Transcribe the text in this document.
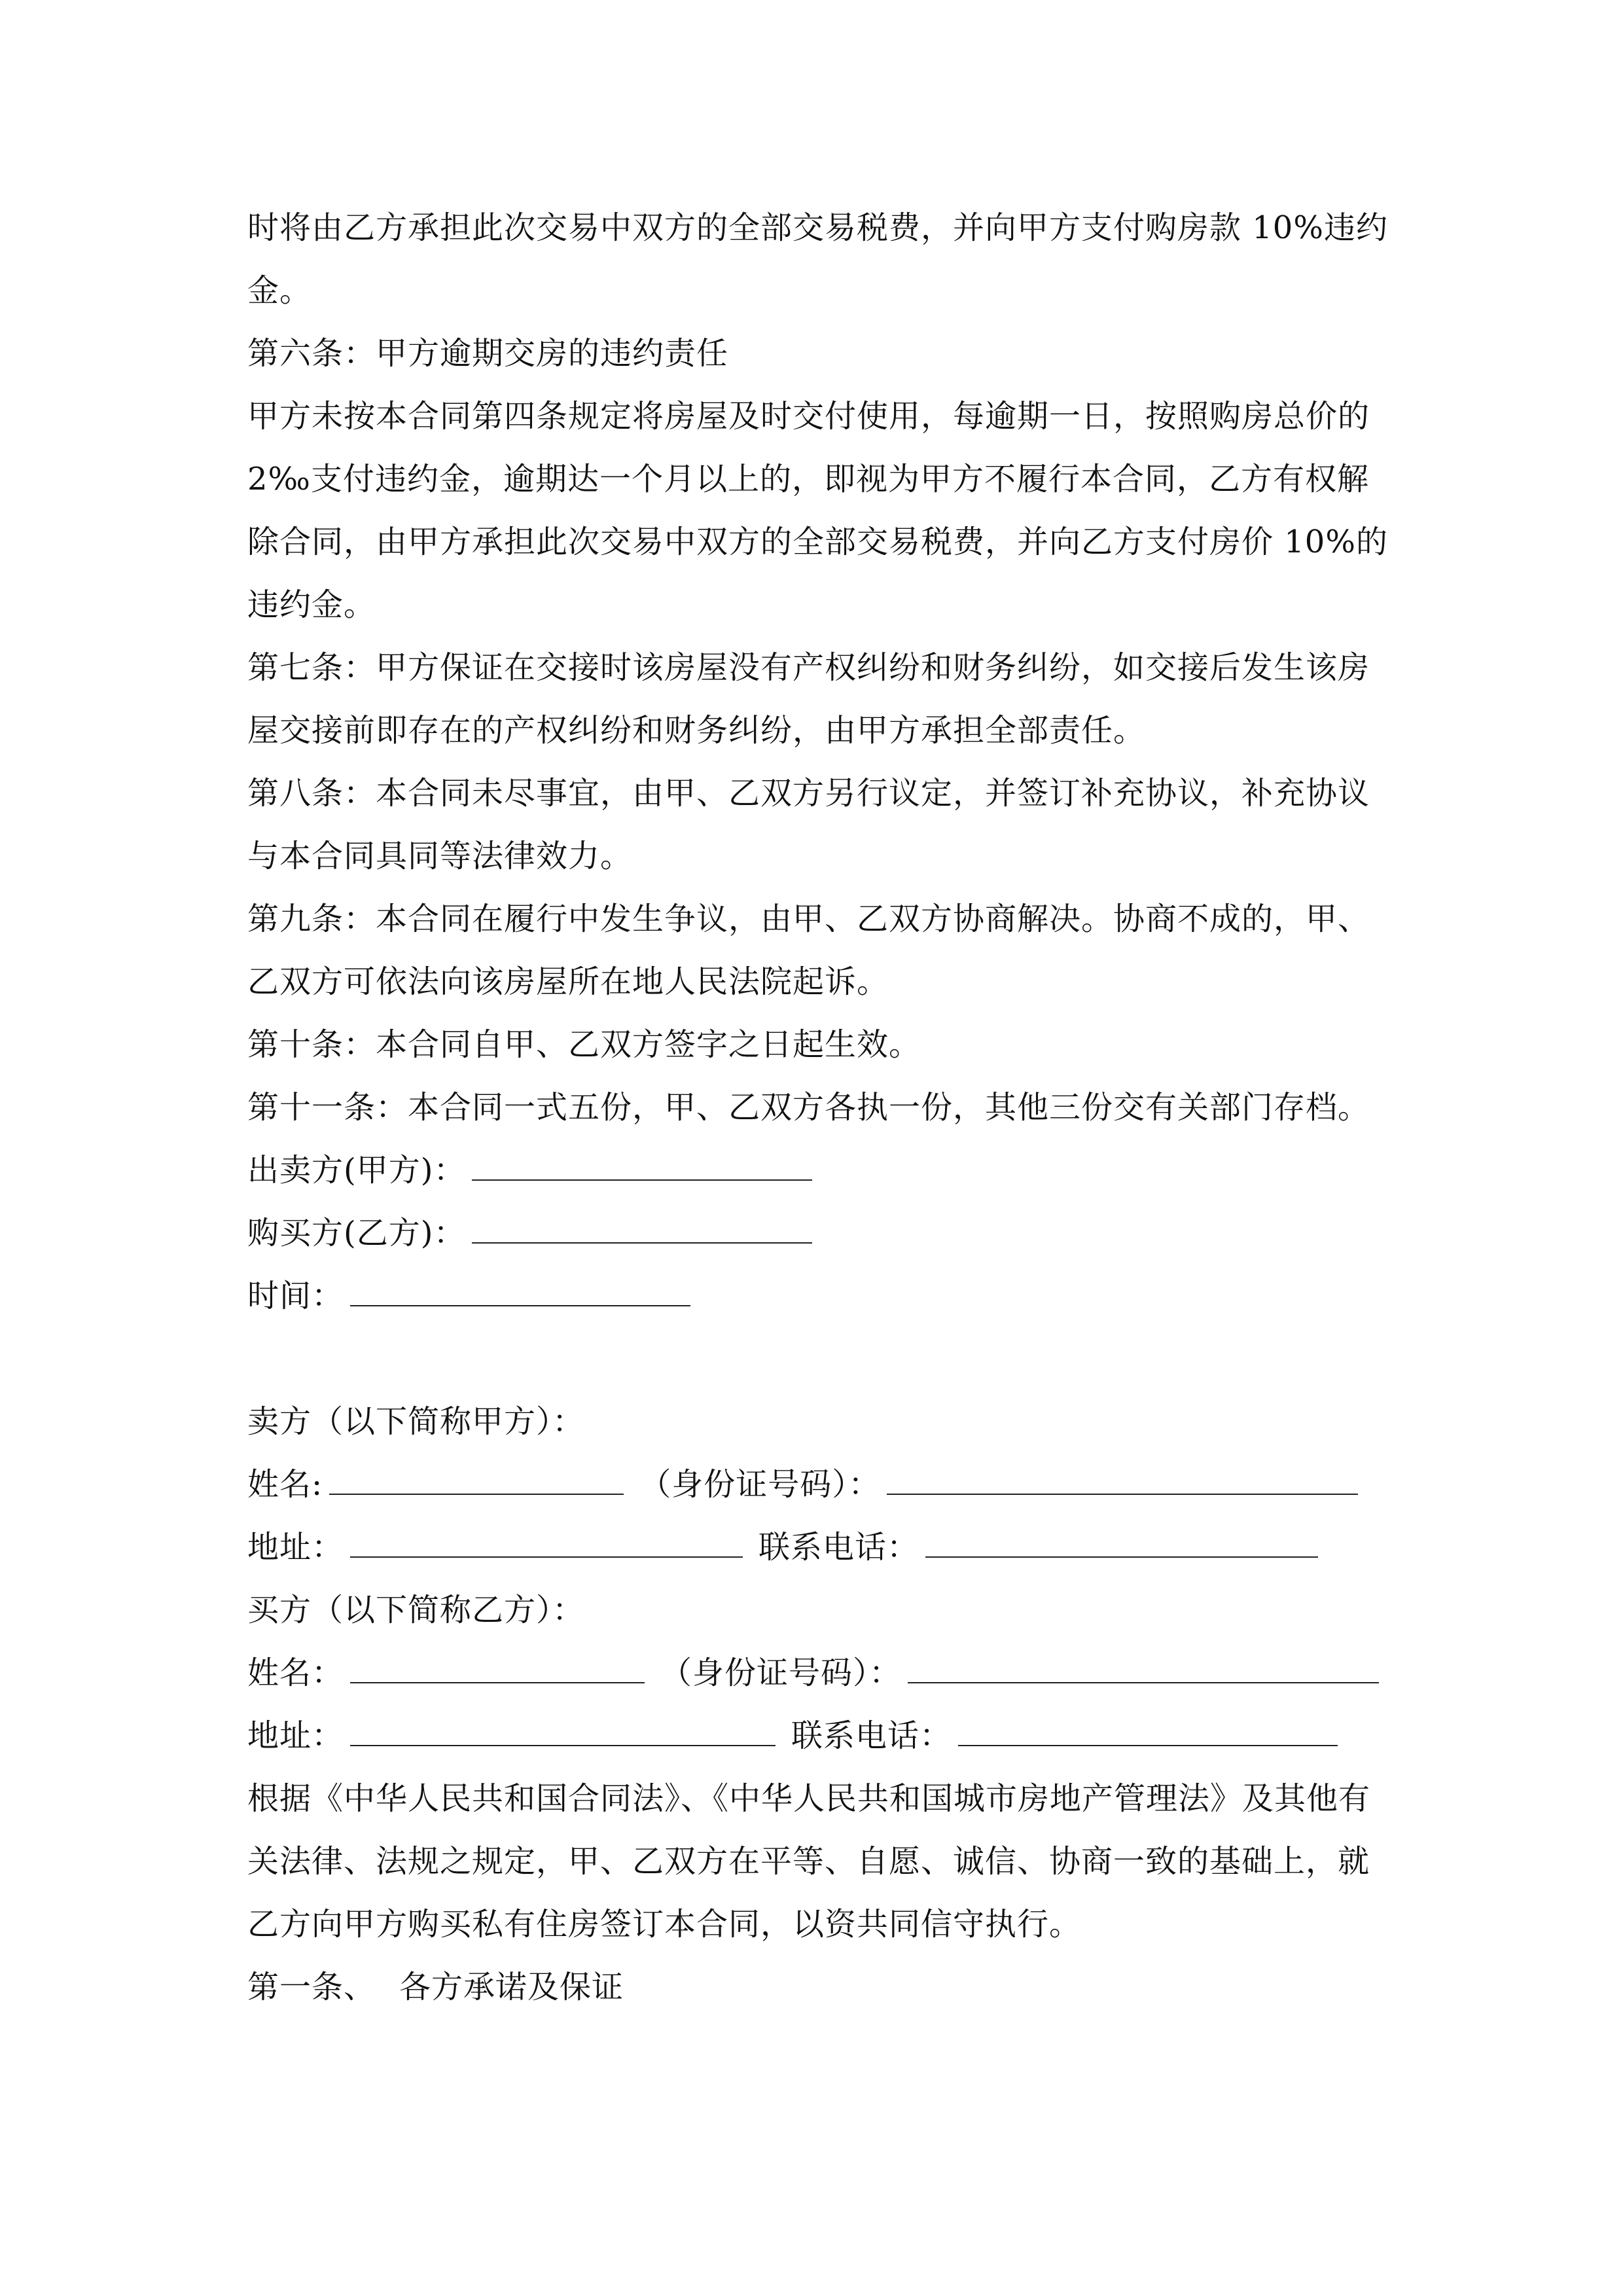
时将由乙方承担此次交易中双方的全部交易税费，并向甲方支付购房款 10%违约
金。
第六条：甲方逾期交房的违约责任
甲方未按本合同第四条规定将房屋及时交付使用，每逾期一日，按照购房总价的
2‰支付违约金，逾期达一个月以上的，即视为甲方不履行本合同，乙方有权解
除合同，由甲方承担此次交易中双方的全部交易税费，并向乙方支付房价 10%的
违约金。
第七条：甲方保证在交接时该房屋没有产权纠纷和财务纠纷，如交接后发生该房
屋交接前即存在的产权纠纷和财务纠纷，由甲方承担全部责任。
第八条：本合同未尽事宜，由甲、乙双方另行议定，并签订补充协议，补充协议
与本合同具同等法律效力。
第九条：本合同在履行中发生争议，由甲、乙双方协商解决。协商不成的，甲、
乙双方可依法向该房屋所在地人民法院起诉。
第十条：本合同自甲、乙双方签字之日起生效。
第十一条：本合同一式五份，甲、乙双方各执一份，其他三份交有关部门存档。
出卖方(甲方)：
购买方(乙方)：
时间：
卖方（以下简称甲方）：
姓名:	（身份证号码）：
地址：	联系电话：
买方（以下简称乙方）：
姓名：	（身份证号码）：
地址：	联系电话：
根据《中华人民共和国合同法》、《中华人民共和国城市房地产管理法》及其他有
关法律、法规之规定，甲、乙双方在平等、自愿、诚信、协商一致的基础上，就
乙方向甲方购买私有住房签订本合同，以资共同信守执行。
第一条、 各方承诺及保证
